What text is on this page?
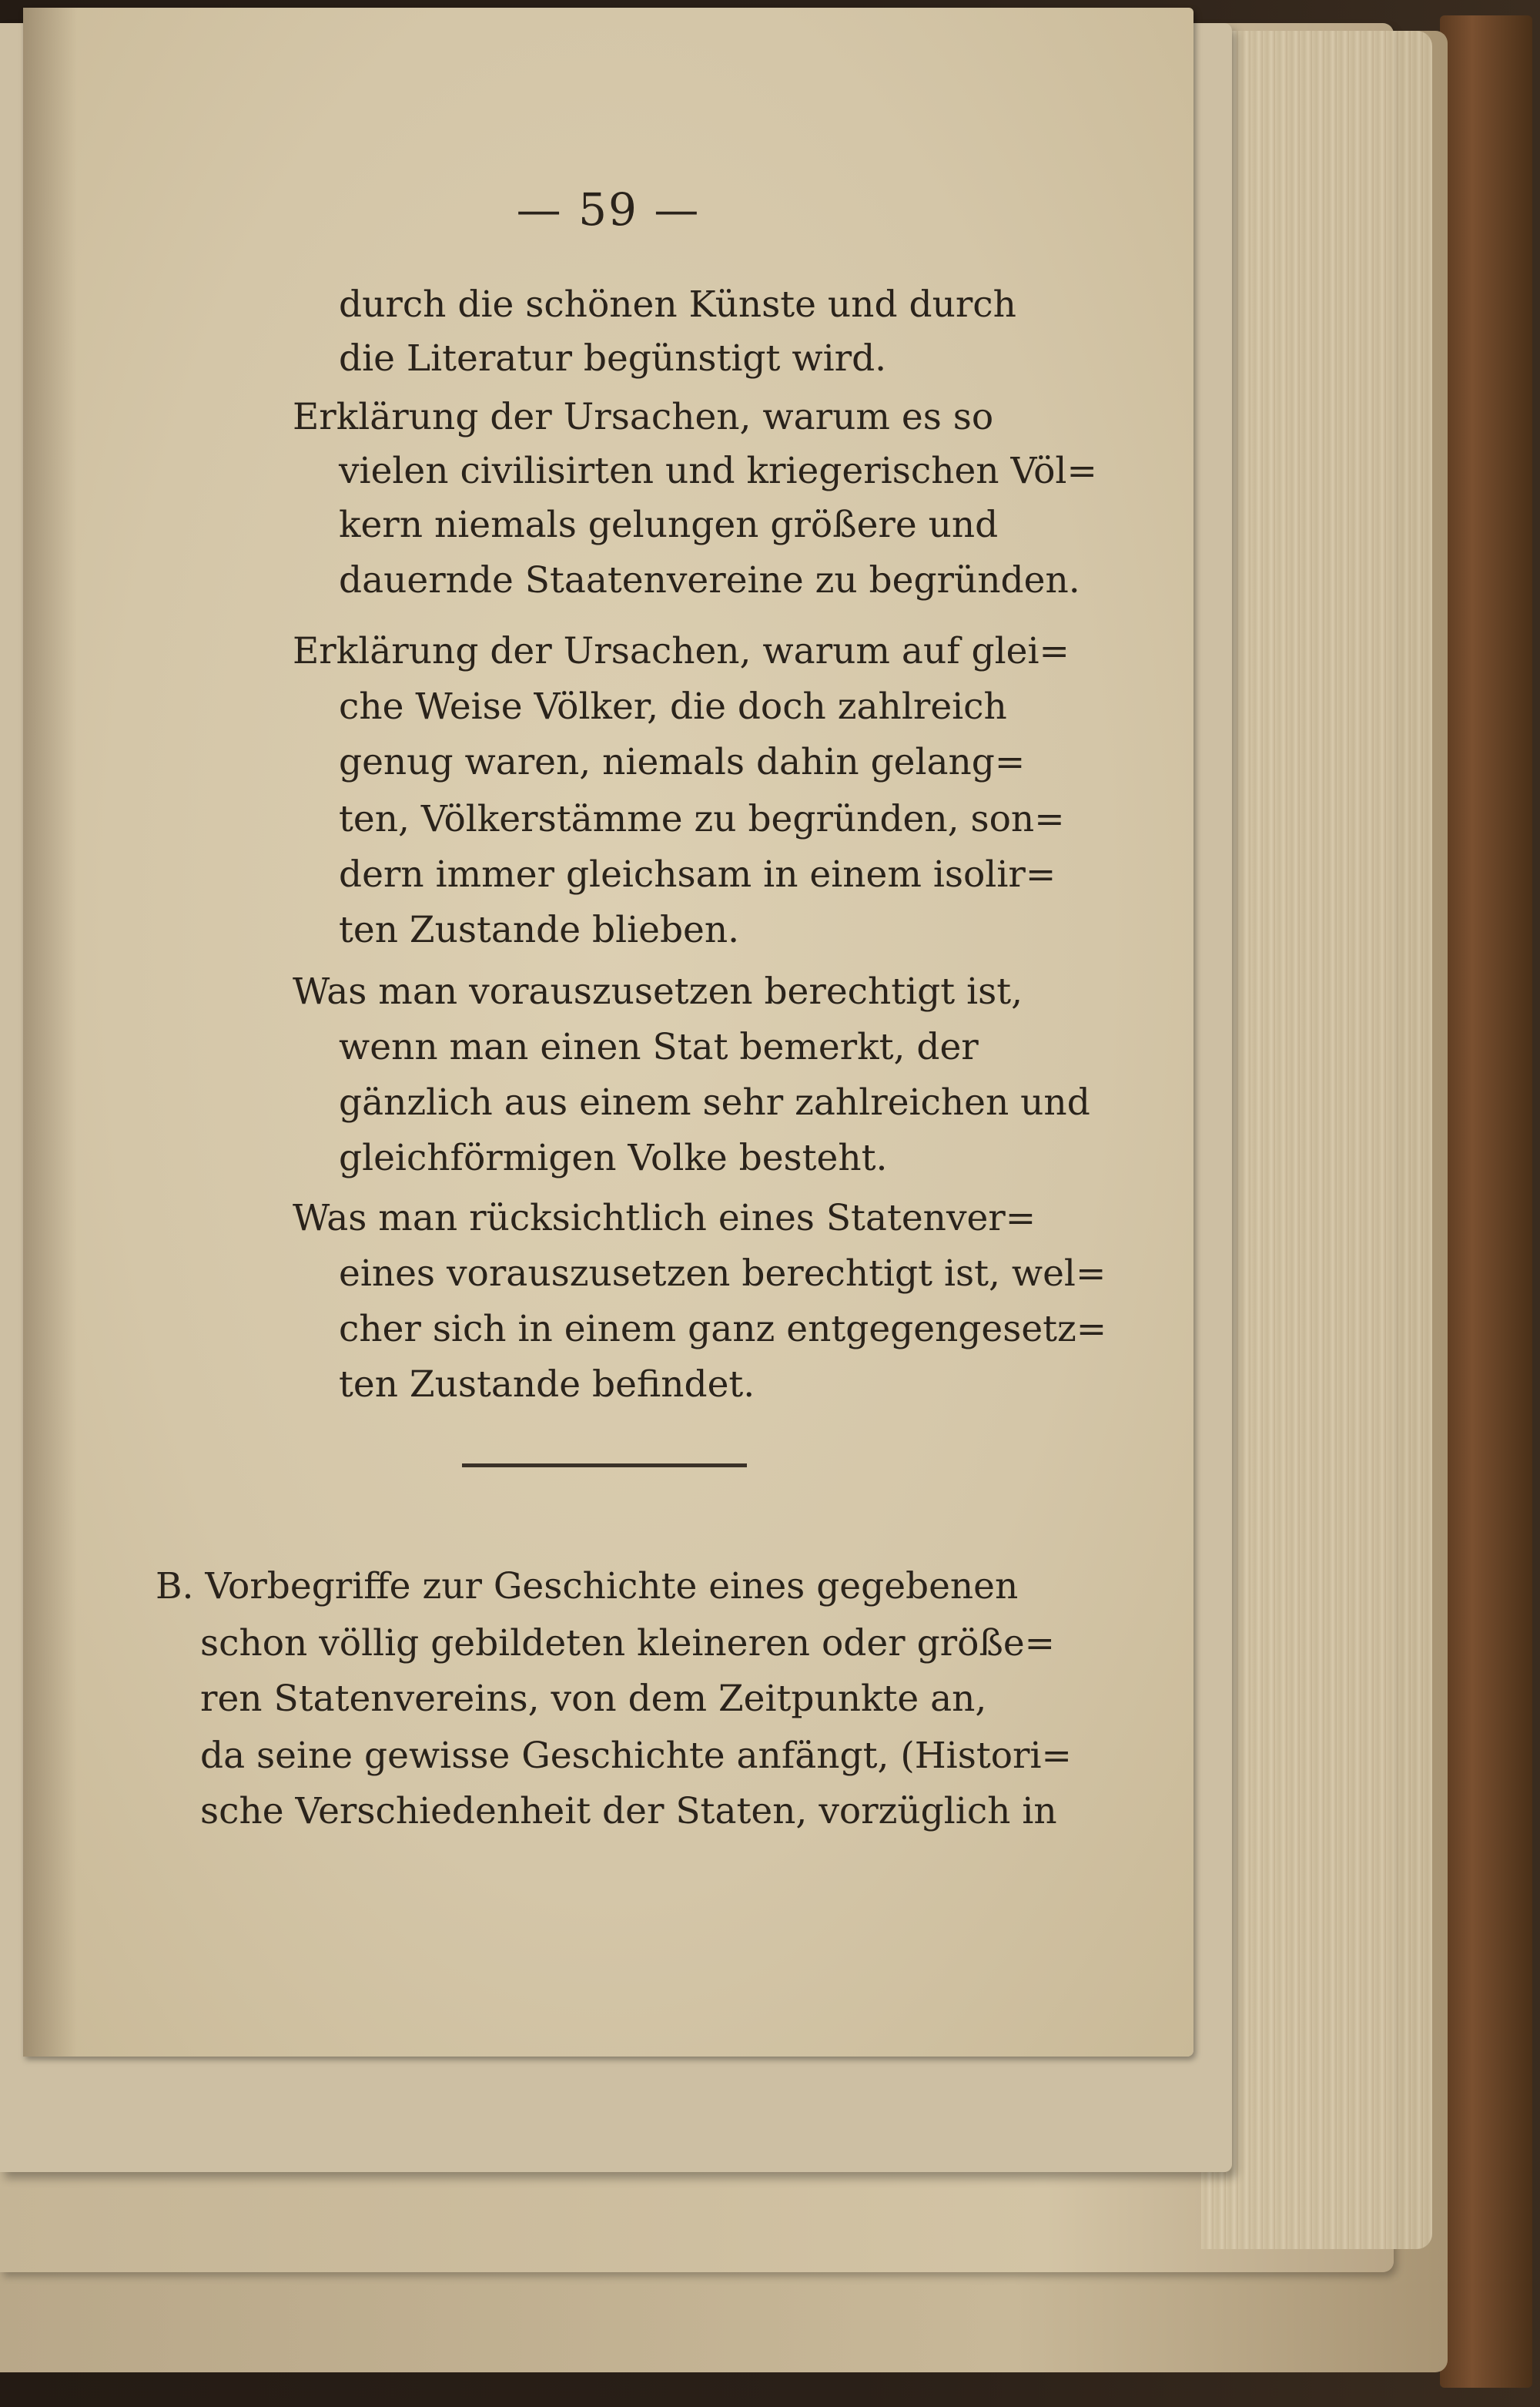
— 59 —
durch die schönen Künste und durch
die Literatur begünstigt wird.
Erklärung der Ursachen, warum es so
vielen civilisirten und kriegerischen Völ=
kern niemals gelungen größere und
dauernde Staatenvereine zu begründen.
Erklärung der Ursachen, warum auf glei=
che Weise Völker, die doch zahlreich
genug waren, niemals dahin gelang=
ten, Völkerstämme zu begründen, son=
dern immer gleichsam in einem isolir=
ten Zustande blieben.
Was man vorauszusetzen berechtigt ist,
wenn man einen Stat bemerkt, der
gänzlich aus einem sehr zahlreichen und
gleichförmigen Volke besteht.
Was man rücksichtlich eines Statenver=
eines vorauszusetzen berechtigt ist, wel=
cher sich in einem ganz entgegengesetz=
ten Zustande befindet.
B. Vorbegriffe zur Geschichte eines gegebenen
schon völlig gebildeten kleineren oder größe=
ren Statenvereins, von dem Zeitpunkte an,
da seine gewisse Geschichte anfängt, (Histori=
sche Verschiedenheit der Staten, vorzüglich in
